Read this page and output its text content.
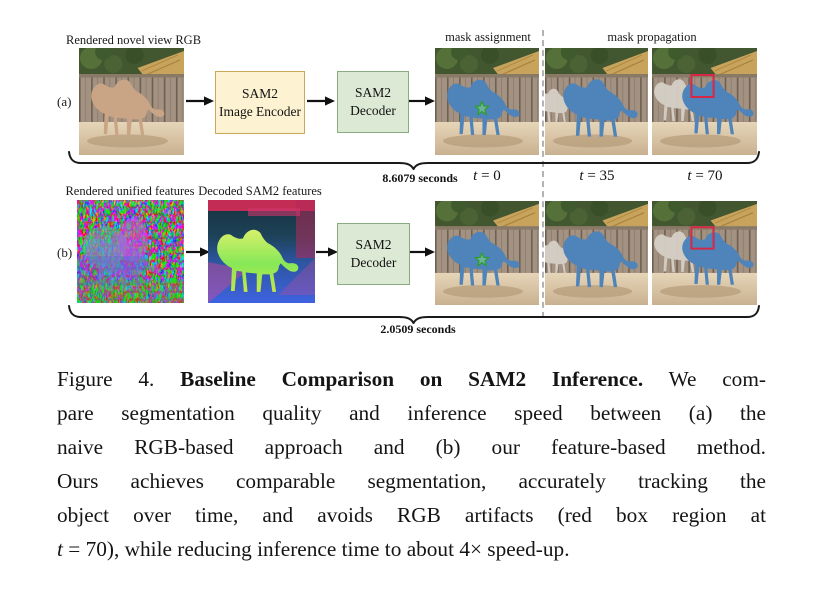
Rendered novel view RGB	mask assignment	mask propagation
(a)
SAM2
Image Encoder
SAM2
Decoder
8.6079 seconds	t = 0	t = 35	t = 70
Rendered unified features Decoded SAM2 features
(b)
SAM2
Decoder
2.0509 seconds
Figure 4. Baseline Comparison on SAM2 Inference. We com-
pare segmentation quality and inference speed between (a) the
naive RGB-based approach and (b) our feature-based method.
Ours achieves comparable segmentation, accurately tracking the
object over time, and avoids RGB artifacts (red box region at
t = 70), while reducing inference time to about 4× speed-up.
